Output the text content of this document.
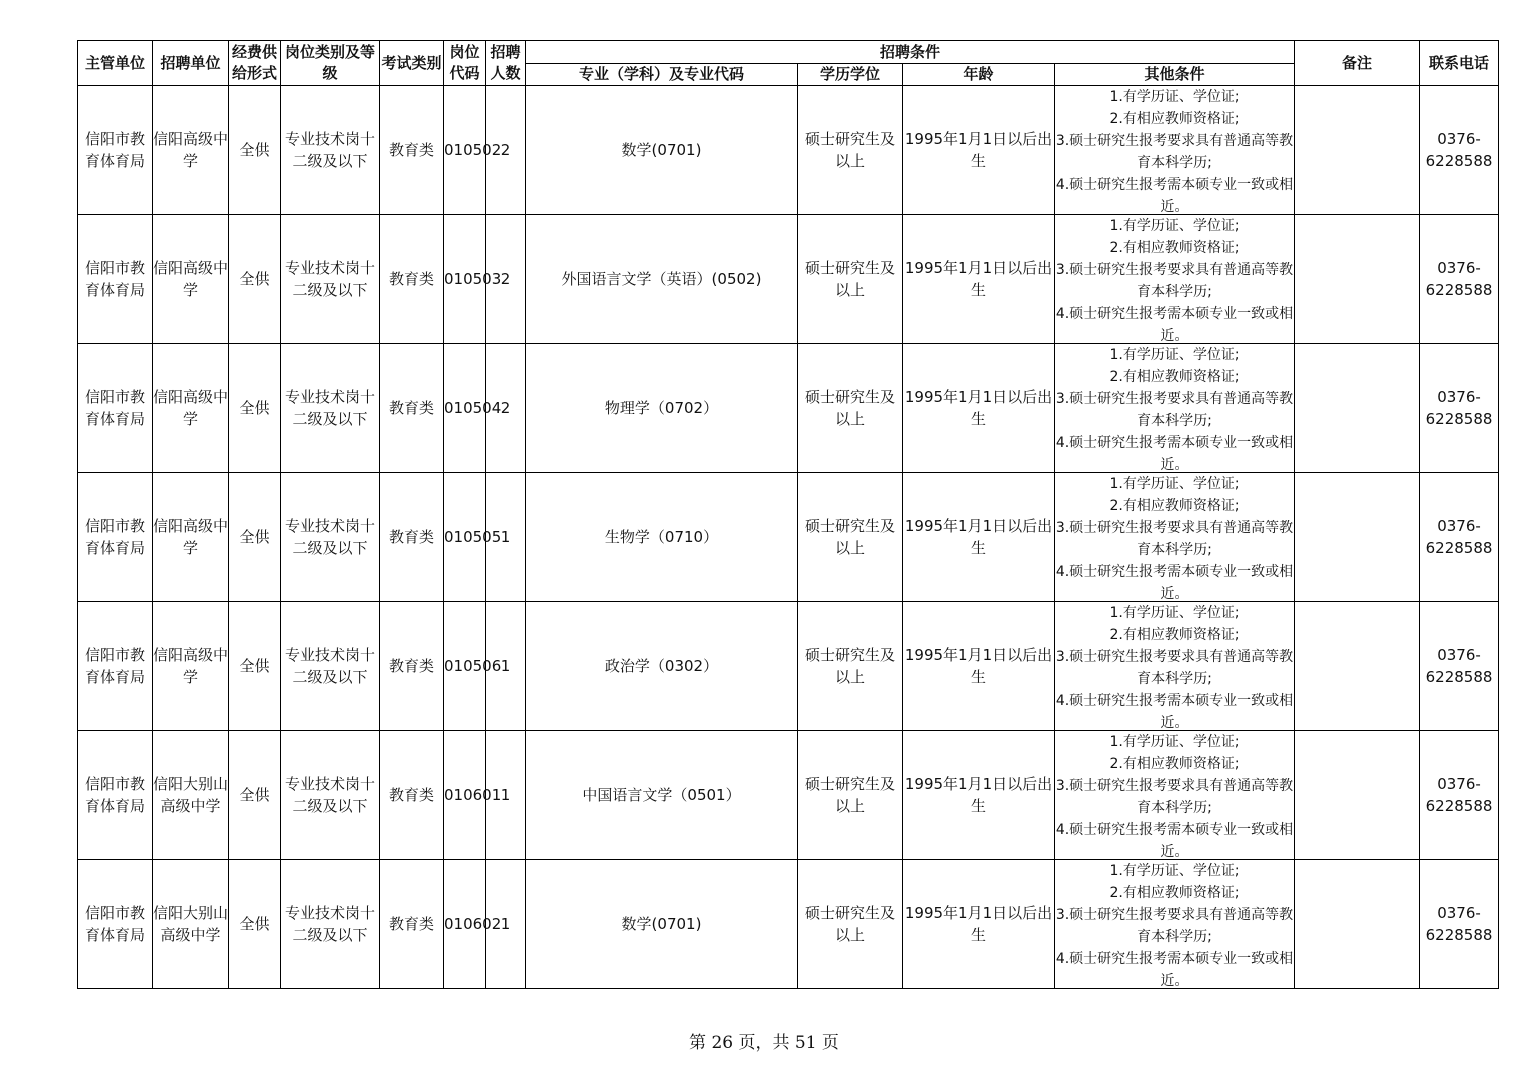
主管单位	招聘单位	经费供给形式	岗位类别及等级	考试类别	岗位代码	招聘人数	招聘条件				备注	联系电话
							专业（学科）及专业代码	学历学位	年龄	其他条件		
信阳市教育体育局	信阳高级中学	全供	专业技术岗十二级及以下	教育类	010502	2	数学(0701)	硕士研究生及以上	1995年1月1日以后出生	1.有学历证、学位证;

2.有相应教师资格证;

3.硕士研究生报考要求具有普通高等教育本科学历;

4.硕士研究生报考需本硕专业一致或相近。		0376-6228588
信阳市教育体育局	信阳高级中学	全供	专业技术岗十二级及以下	教育类	010503	2	外国语言文学（英语）(0502)	硕士研究生及以上	1995年1月1日以后出生	1.有学历证、学位证;

2.有相应教师资格证;

3.硕士研究生报考要求具有普通高等教育本科学历;

4.硕士研究生报考需本硕专业一致或相近。		0376-6228588
信阳市教育体育局	信阳高级中学	全供	专业技术岗十二级及以下	教育类	010504	2	物理学（0702）	硕士研究生及以上	1995年1月1日以后出生	1.有学历证、学位证;

2.有相应教师资格证;

3.硕士研究生报考要求具有普通高等教育本科学历;

4.硕士研究生报考需本硕专业一致或相近。		0376-6228588
信阳市教育体育局	信阳高级中学	全供	专业技术岗十二级及以下	教育类	010505	1	生物学（0710）	硕士研究生及以上	1995年1月1日以后出生	1.有学历证、学位证;

2.有相应教师资格证;

3.硕士研究生报考要求具有普通高等教育本科学历;

4.硕士研究生报考需本硕专业一致或相近。		0376-6228588
信阳市教育体育局	信阳高级中学	全供	专业技术岗十二级及以下	教育类	010506	1	政治学（0302）	硕士研究生及以上	1995年1月1日以后出生	1.有学历证、学位证;

2.有相应教师资格证;

3.硕士研究生报考要求具有普通高等教育本科学历;

4.硕士研究生报考需本硕专业一致或相近。		0376-6228588
信阳市教育体育局	信阳大别山高级中学	全供	专业技术岗十二级及以下	教育类	010601	1	中国语言文学（0501）	硕士研究生及以上	1995年1月1日以后出生	1.有学历证、学位证;

2.有相应教师资格证;

3.硕士研究生报考要求具有普通高等教育本科学历;

4.硕士研究生报考需本硕专业一致或相近。		0376-6228588
信阳市教育体育局	信阳大别山高级中学	全供	专业技术岗十二级及以下	教育类	010602	1	数学(0701)	硕士研究生及以上	1995年1月1日以后出生	1.有学历证、学位证;

2.有相应教师资格证;

3.硕士研究生报考要求具有普通高等教育本科学历;

4.硕士研究生报考需本硕专业一致或相近。		0376-6228588
第 26 页，共 51 页
